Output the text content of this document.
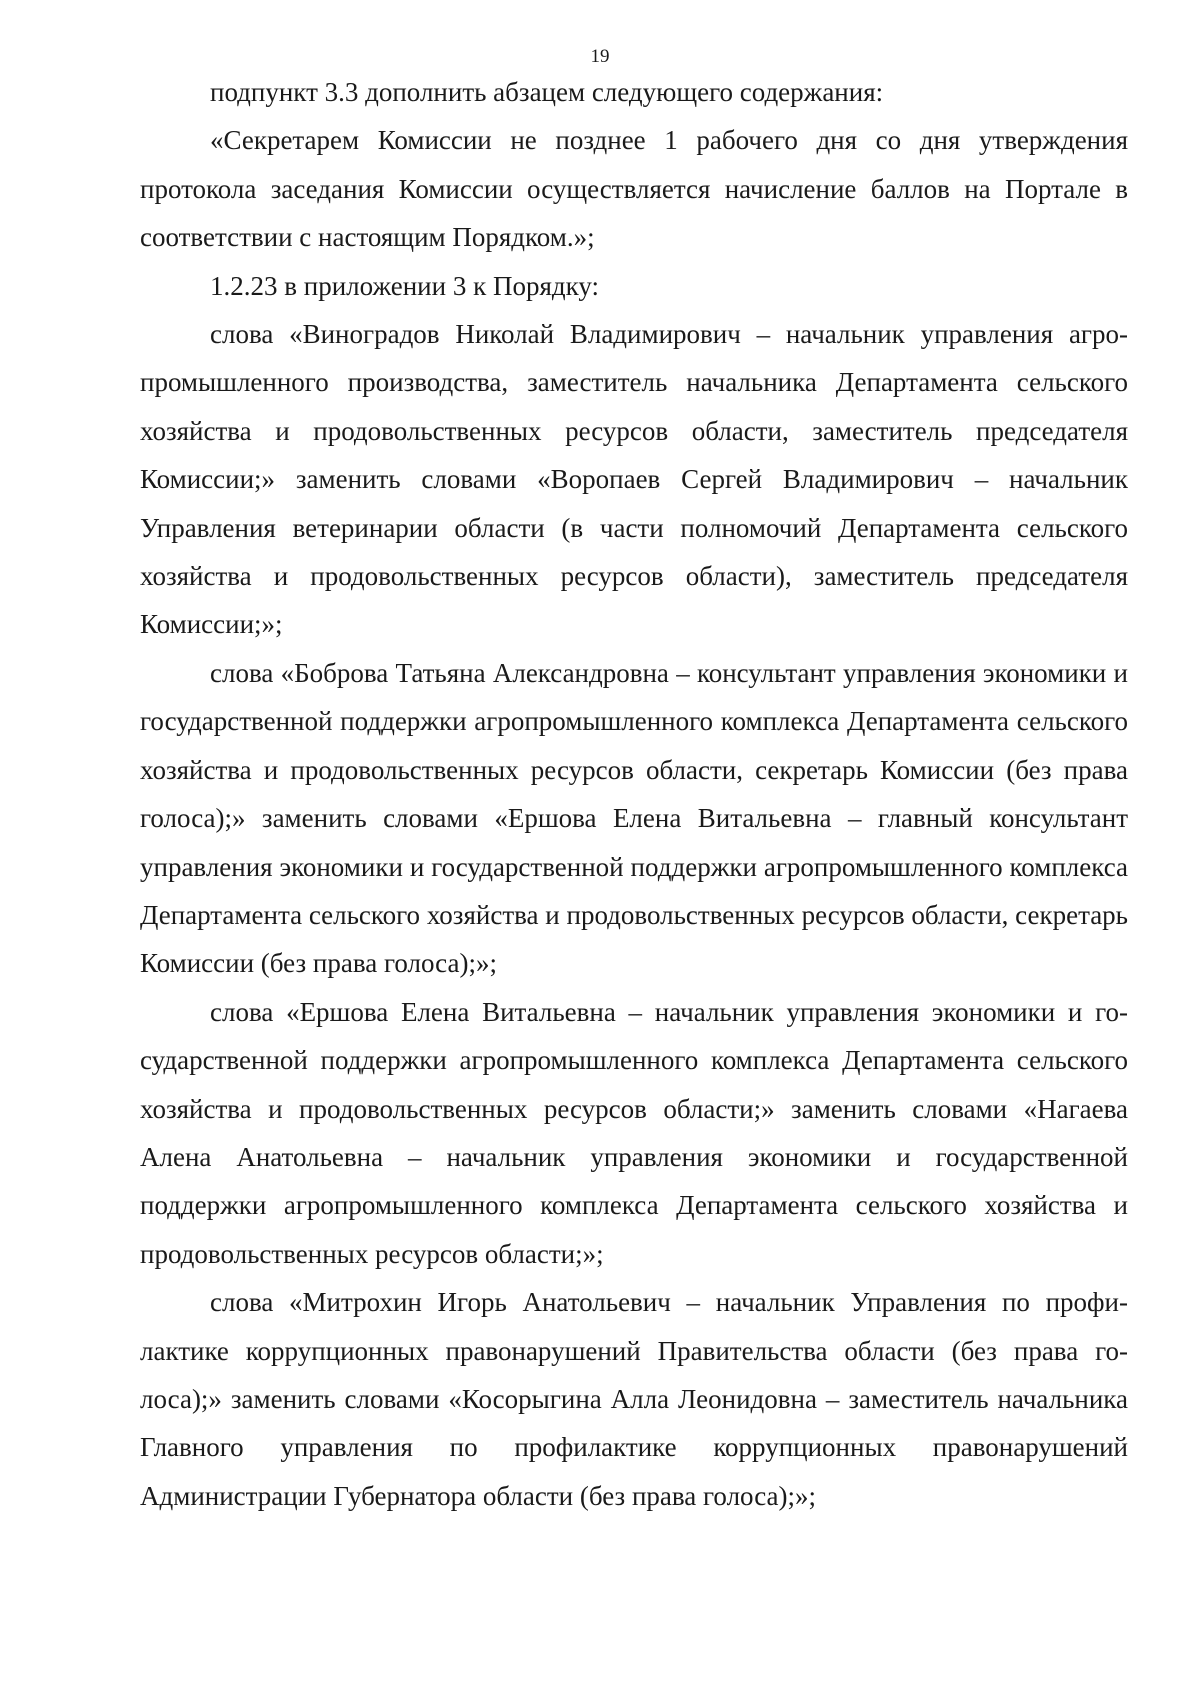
19

подпункт 3.3 дополнить абзацем следующего содержания:

«Секретарем Комиссии не позднее 1 рабочего дня со дня утверждения протокола заседания Комиссии осуществляется начисление баллов на Портале в соответствии с настоящим Порядком.»;

1.2.23 в приложении 3 к Порядку:

слова «Виноградов Николай Владимирович – начальник управления агропромышленного производства, заместитель начальника Департамента сельского хозяйства и продовольственных ресурсов области, заместитель председателя Комиссии;» заменить словами «Воропаев Сергей Владимирович – начальник Управления ветеринарии области (в части полномочий Департамента сельского хозяйства и продовольственных ресурсов области), заместитель председателя Комиссии;»;

слова «Боброва Татьяна Александровна – консультант управления экономики и государственной поддержки агропромышленного комплекса Департамента сельского хозяйства и продовольственных ресурсов области, секретарь Комиссии (без права голоса);» заменить словами «Ершова Елена Витальевна – главный консультант управления экономики и государственной поддержки агропромышленного комплекса Департамента сельского хозяйства и продовольственных ресурсов области, секретарь Комиссии (без права голоса);»;

слова «Ершова Елена Витальевна – начальник управления экономики и государственной поддержки агропромышленного комплекса Департамента сельского хозяйства и продовольственных ресурсов области;» заменить словами «Нагаева Алена Анатольевна – начальник управления экономики и государственной поддержки агропромышленного комплекса Департамента сельского хозяйства и продовольственных ресурсов области;»;

слова «Митрохин Игорь Анатольевич – начальник Управления по профилактике коррупционных правонарушений Правительства области (без права голоса);» заменить словами «Косорыгина Алла Леонидовна – заместитель начальника Главного управления по профилактике коррупционных правонарушений Администрации Губернатора области (без права голоса);»;
